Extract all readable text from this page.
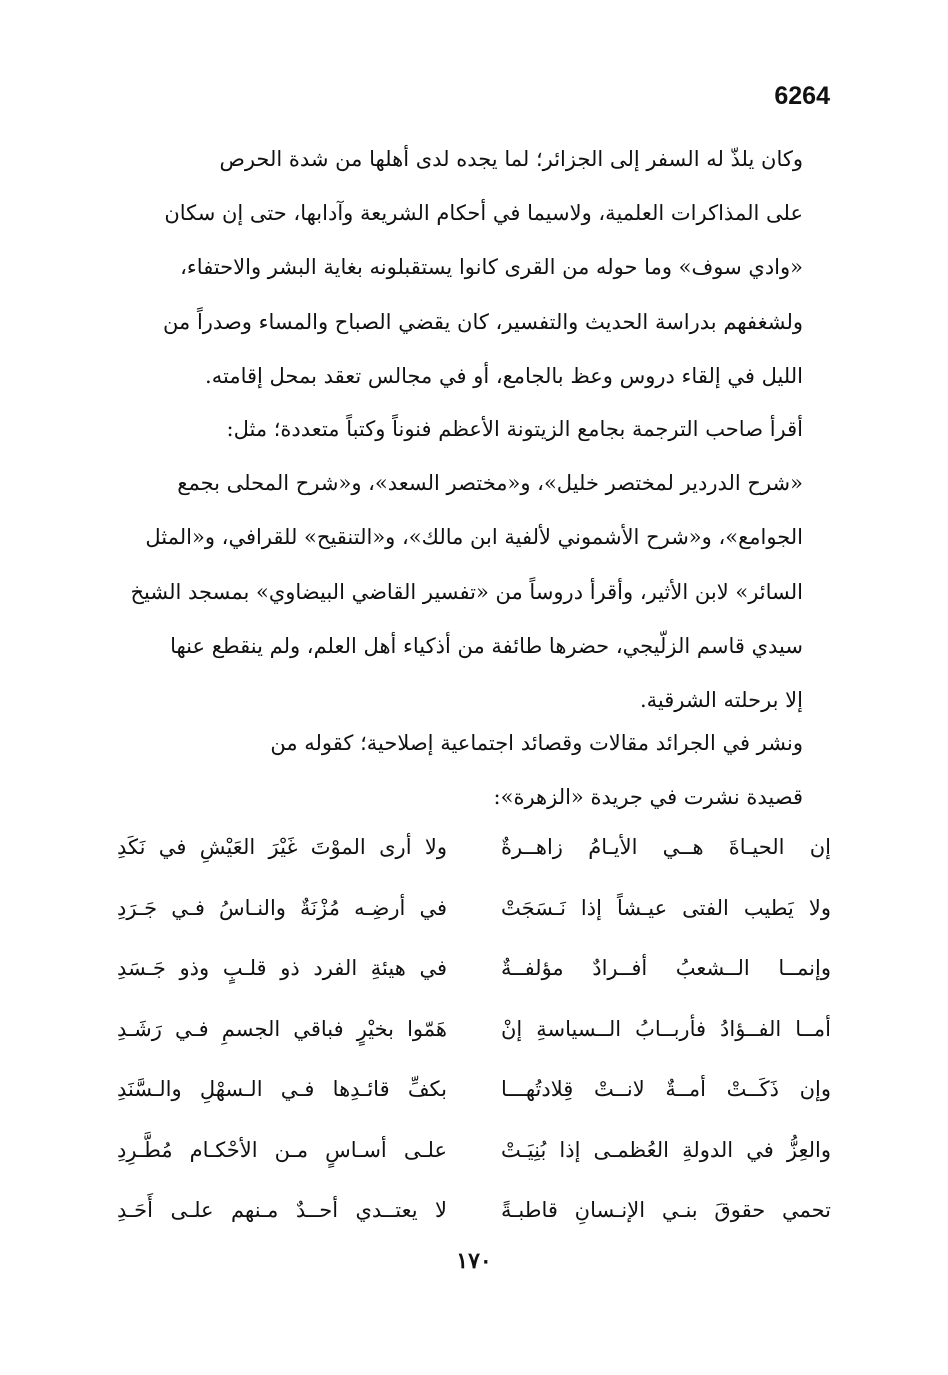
6264

وكان يلذّ له السفر إلى الجزائر؛ لما يجده لدى أهلها من شدة الحرص
على المذاكرات العلمية، ولاسيما في أحكام الشريعة وآدابها، حتى إن سكان
«وادي سوف» وما حوله من القرى كانوا يستقبلونه بغاية البشر والاحتفاء،
ولشغفهم بدراسة الحديث والتفسير، كان يقضي الصباح والمساء وصدراً من
الليل في إلقاء دروس وعظ بالجامع، أو في مجالس تعقد بمحل إقامته.

أقرأ صاحب الترجمة بجامع الزيتونة الأعظم فنوناً وكتباً متعددة؛ مثل:
«شرح الدردير لمختصر خليل»، و«مختصر السعد»، و«شرح المحلى بجمع
الجوامع»، و«شرح الأشموني لألفية ابن مالك»، و«التنقيح» للقرافي، و«المثل
السائر» لابن الأثير، وأقرأ دروساً من «تفسير القاضي البيضاوي» بمسجد الشيخ
سيدي قاسم الزلّيجي، حضرها طائفة من أذكياء أهل العلم، ولم ينقطع عنها
إلا برحلته الشرقية.

ونشر في الجرائد مقالات وقصائد اجتماعية إصلاحية؛ كقوله من
قصيدة نشرت في جريدة «الزهرة»:

إن الحيـاةَ هــي الأيـامُ زاهــرةٌ
ولا أرى الموْتَ غَيْرَ العَيْشِ في نَكَدِ
ولا يَطيب الفتى عيـشاً إذا نَـسَجَتْ
في أرضِـه مُزْنَةٌ والنـاسُ فـي جَـرَدِ
وإنمــا الــشعبُ أفــرادٌ مؤلفــةٌ
في هيئةِ الفرد ذو قلـبٍ وذو جَـسَدِ
أمــا الفــؤادُ فأربــابُ الــسياسةِ إنْ
هَمّوا بخيْرٍ فباقي الجسمِ فـي رَشَـدِ
وإن ذَكَــتْ أمــةٌ لانــتْ قِلادتُهـــا
بكفِّ قائـدِها فـي الـسهْلِ والـسَّنَدِ
والعِزُّ في الدولةِ العُظمـى إذا بُنِيَـتْ
علـى أسـاسٍ مـن الأحْكـام مُطَّـرِدِ
تحمي حقوقَ بنـي الإنـسانِ قاطبـةً
لا يعتــدي أحــدٌ مـنهم علـى أَحَـدِ
١٧٠
